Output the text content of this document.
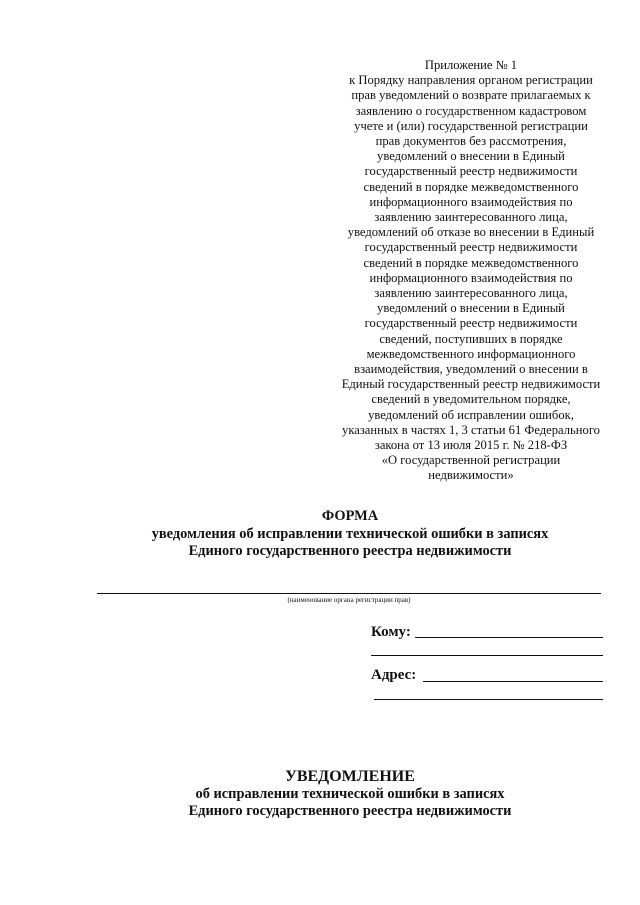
Приложение № 1
к Порядку направления органом регистрации
прав уведомлений о возврате прилагаемых к
заявлению о государственном кадастровом
учете и (или) государственной регистрации
прав документов без рассмотрения,
уведомлений о внесении в Единый
государственный реестр недвижимости
сведений в порядке межведомственного
информационного взаимодействия по
заявлению заинтересованного лица,
уведомлений об отказе во внесении в Единый
государственный реестр недвижимости
сведений в порядке межведомственного
информационного взаимодействия по
заявлению заинтересованного лица,
уведомлений о внесении в Единый
государственный реестр недвижимости
сведений, поступивших в порядке
межведомственного информационного
взаимодействия, уведомлений о внесении в
Единый государственный реестр недвижимости
сведений в уведомительном порядке,
уведомлений об исправлении ошибок,
указанных в частях 1, 3 статьи 61 Федерального
закона от 13 июля 2015 г. № 218-ФЗ
«О государственной регистрации
недвижимости»
ФОРМА
уведомления об исправлении технической ошибки в записях
Единого государственного реестра недвижимости
(наименование органа регистрации прав)
Кому:
Адрес:
УВЕДОМЛЕНИЕ
об исправлении технической ошибки в записях
Единого государственного реестра недвижимости
